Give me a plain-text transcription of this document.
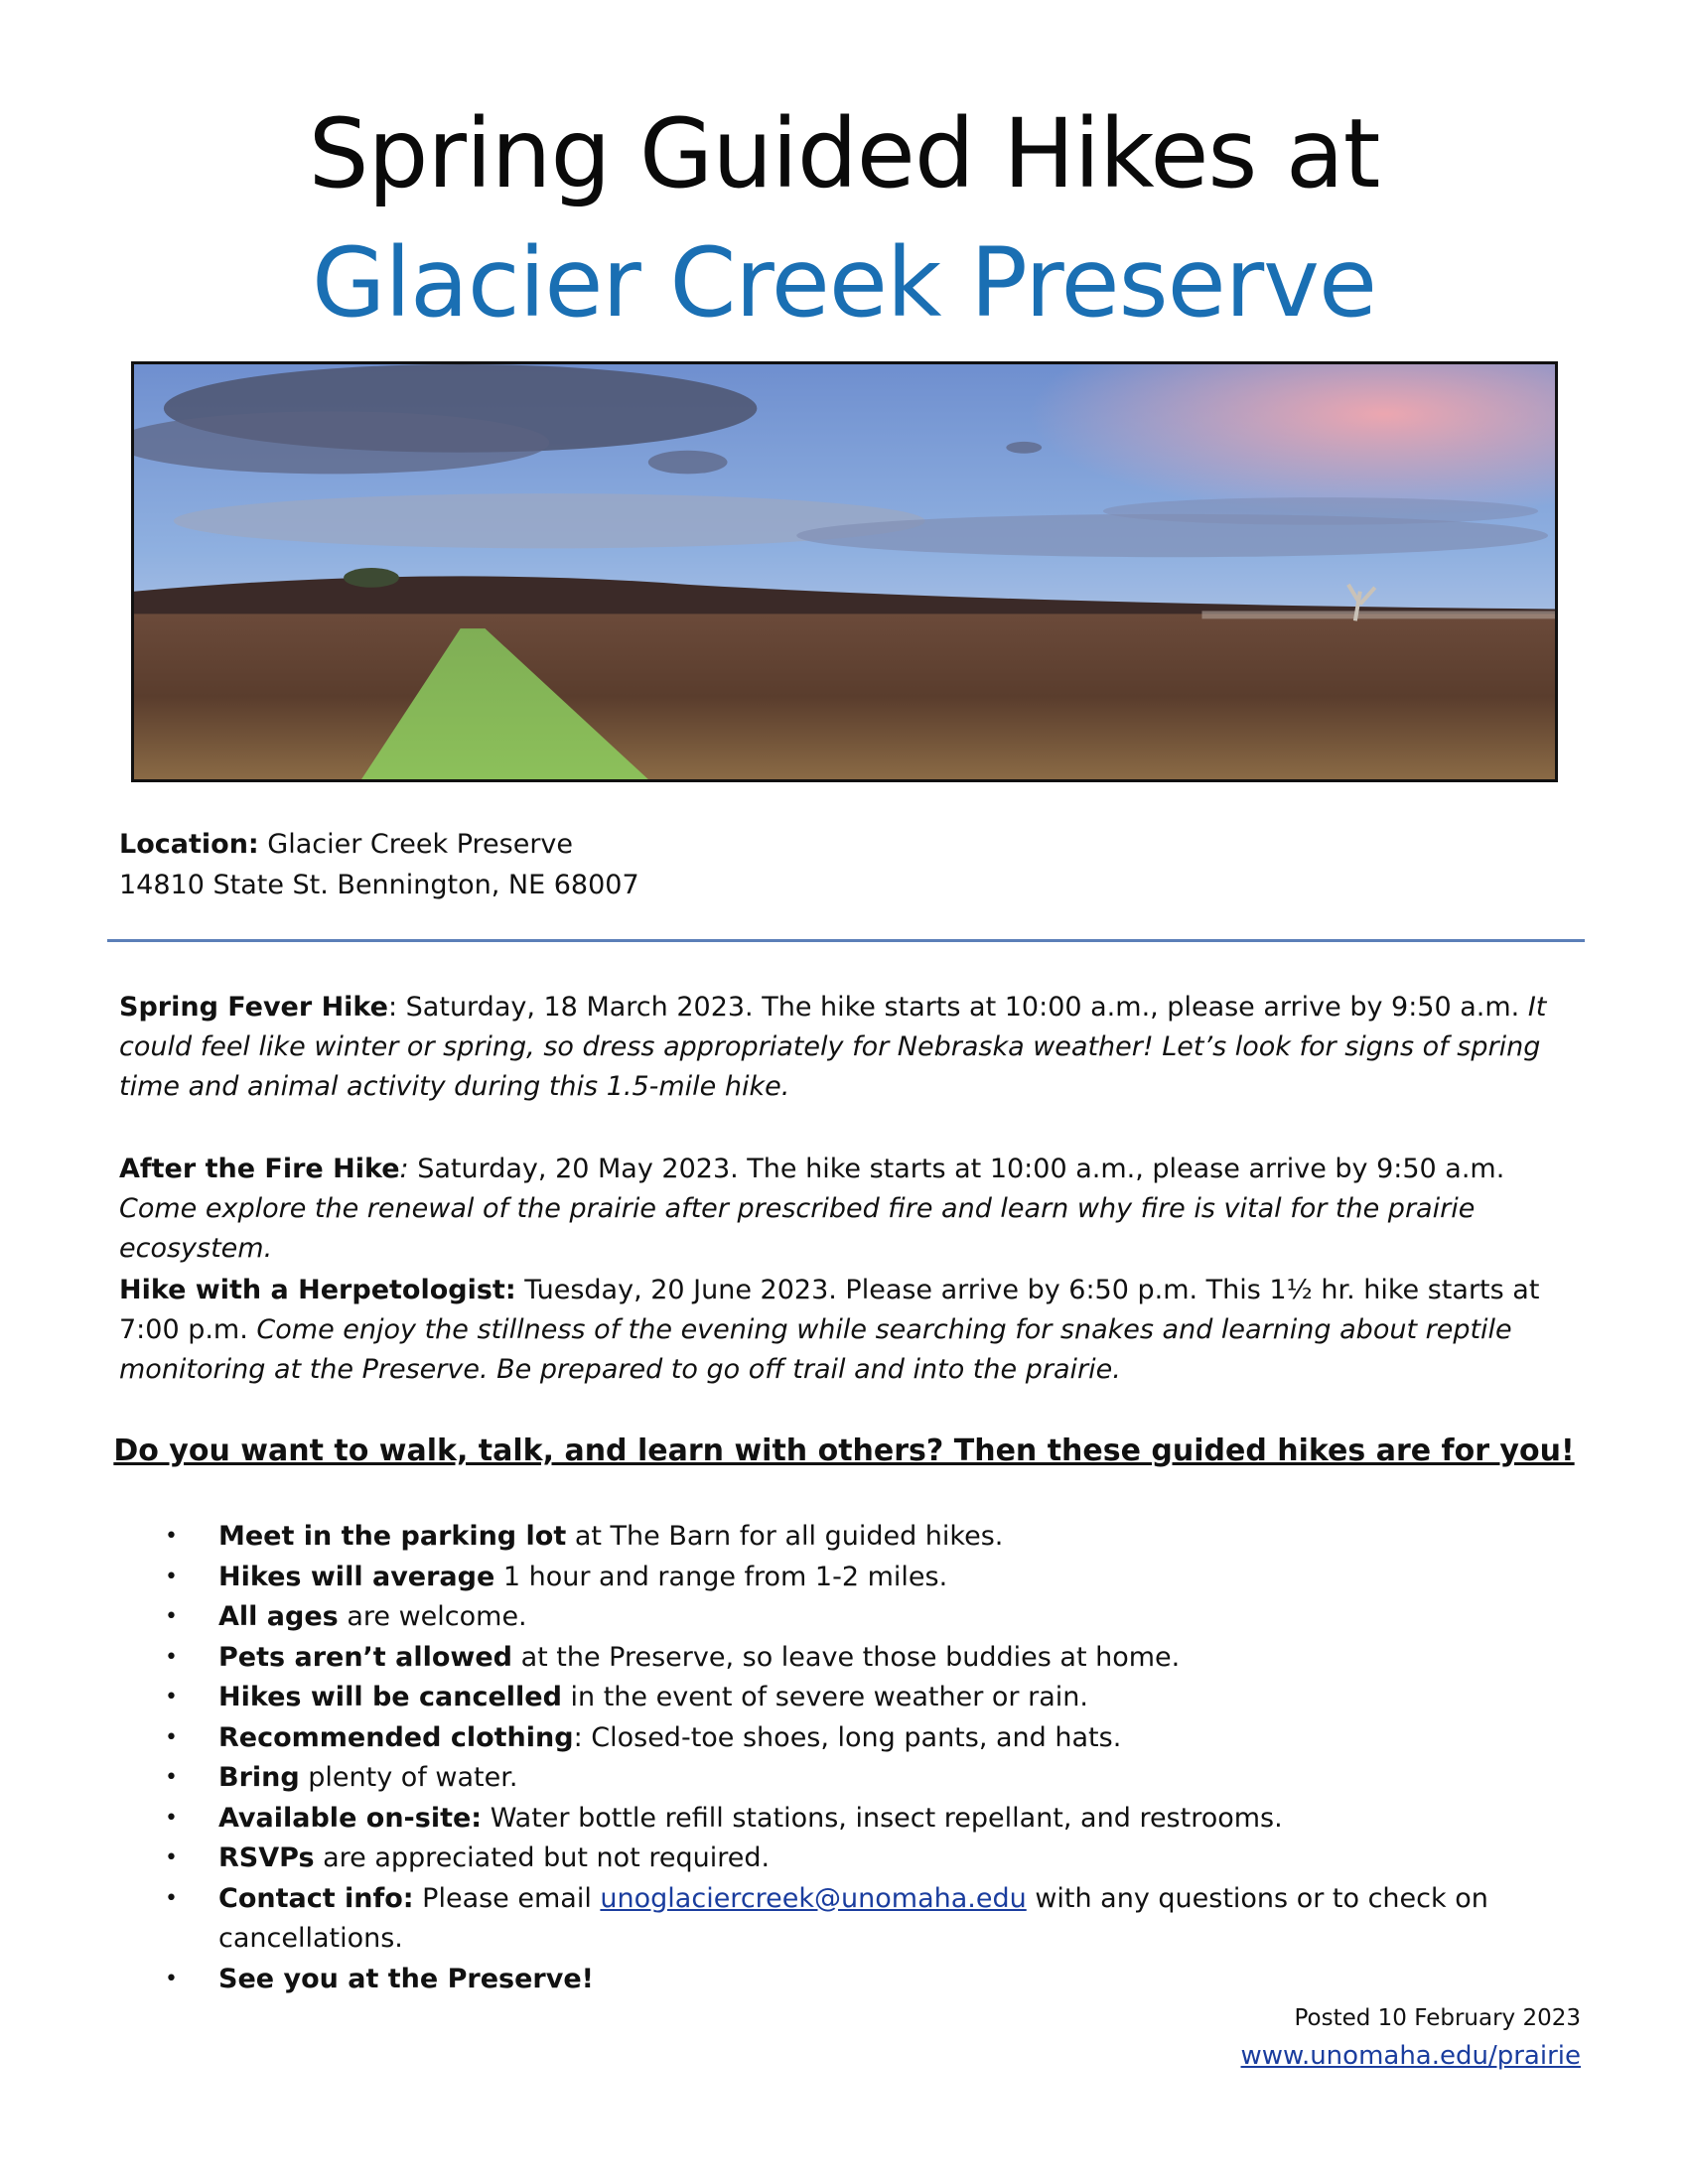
Spring Guided Hikes at
Glacier Creek Preserve
Location: Glacier Creek Preserve
14810 State St. Bennington, NE 68007
Spring Fever Hike: Saturday, 18 March 2023. The hike starts at 10:00 a.m., please arrive by 9:50 a.m. It could feel like winter or spring, so dress appropriately for Nebraska weather! Let’s look for signs of spring time and animal activity during this 1.5-mile hike.
After the Fire Hike: Saturday, 20 May 2023. The hike starts at 10:00 a.m., please arrive by 9:50 a.m. Come explore the renewal of the prairie after prescribed fire and learn why fire is vital for the prairie ecosystem.
Hike with a Herpetologist: Tuesday, 20 June 2023. Please arrive by 6:50 p.m. This 1½ hr. hike starts at 7:00 p.m. Come enjoy the stillness of the evening while searching for snakes and learning about reptile monitoring at the Preserve. Be prepared to go off trail and into the prairie.
Do you want to walk, talk, and learn with others? Then these guided hikes are for you!
• Meet in the parking lot at The Barn for all guided hikes.
• Hikes will average 1 hour and range from 1-2 miles.
• All ages are welcome.
• Pets aren’t allowed at the Preserve, so leave those buddies at home.
• Hikes will be cancelled in the event of severe weather or rain.
• Recommended clothing: Closed-toe shoes, long pants, and hats.
• Bring plenty of water.
• Available on-site: Water bottle refill stations, insect repellant, and restrooms.
• RSVPs are appreciated but not required.
• Contact info: Please email unoglaciercreek@unomaha.edu with any questions or to check on cancellations.
• See you at the Preserve!
Posted 10 February 2023
www.unomaha.edu/prairie
